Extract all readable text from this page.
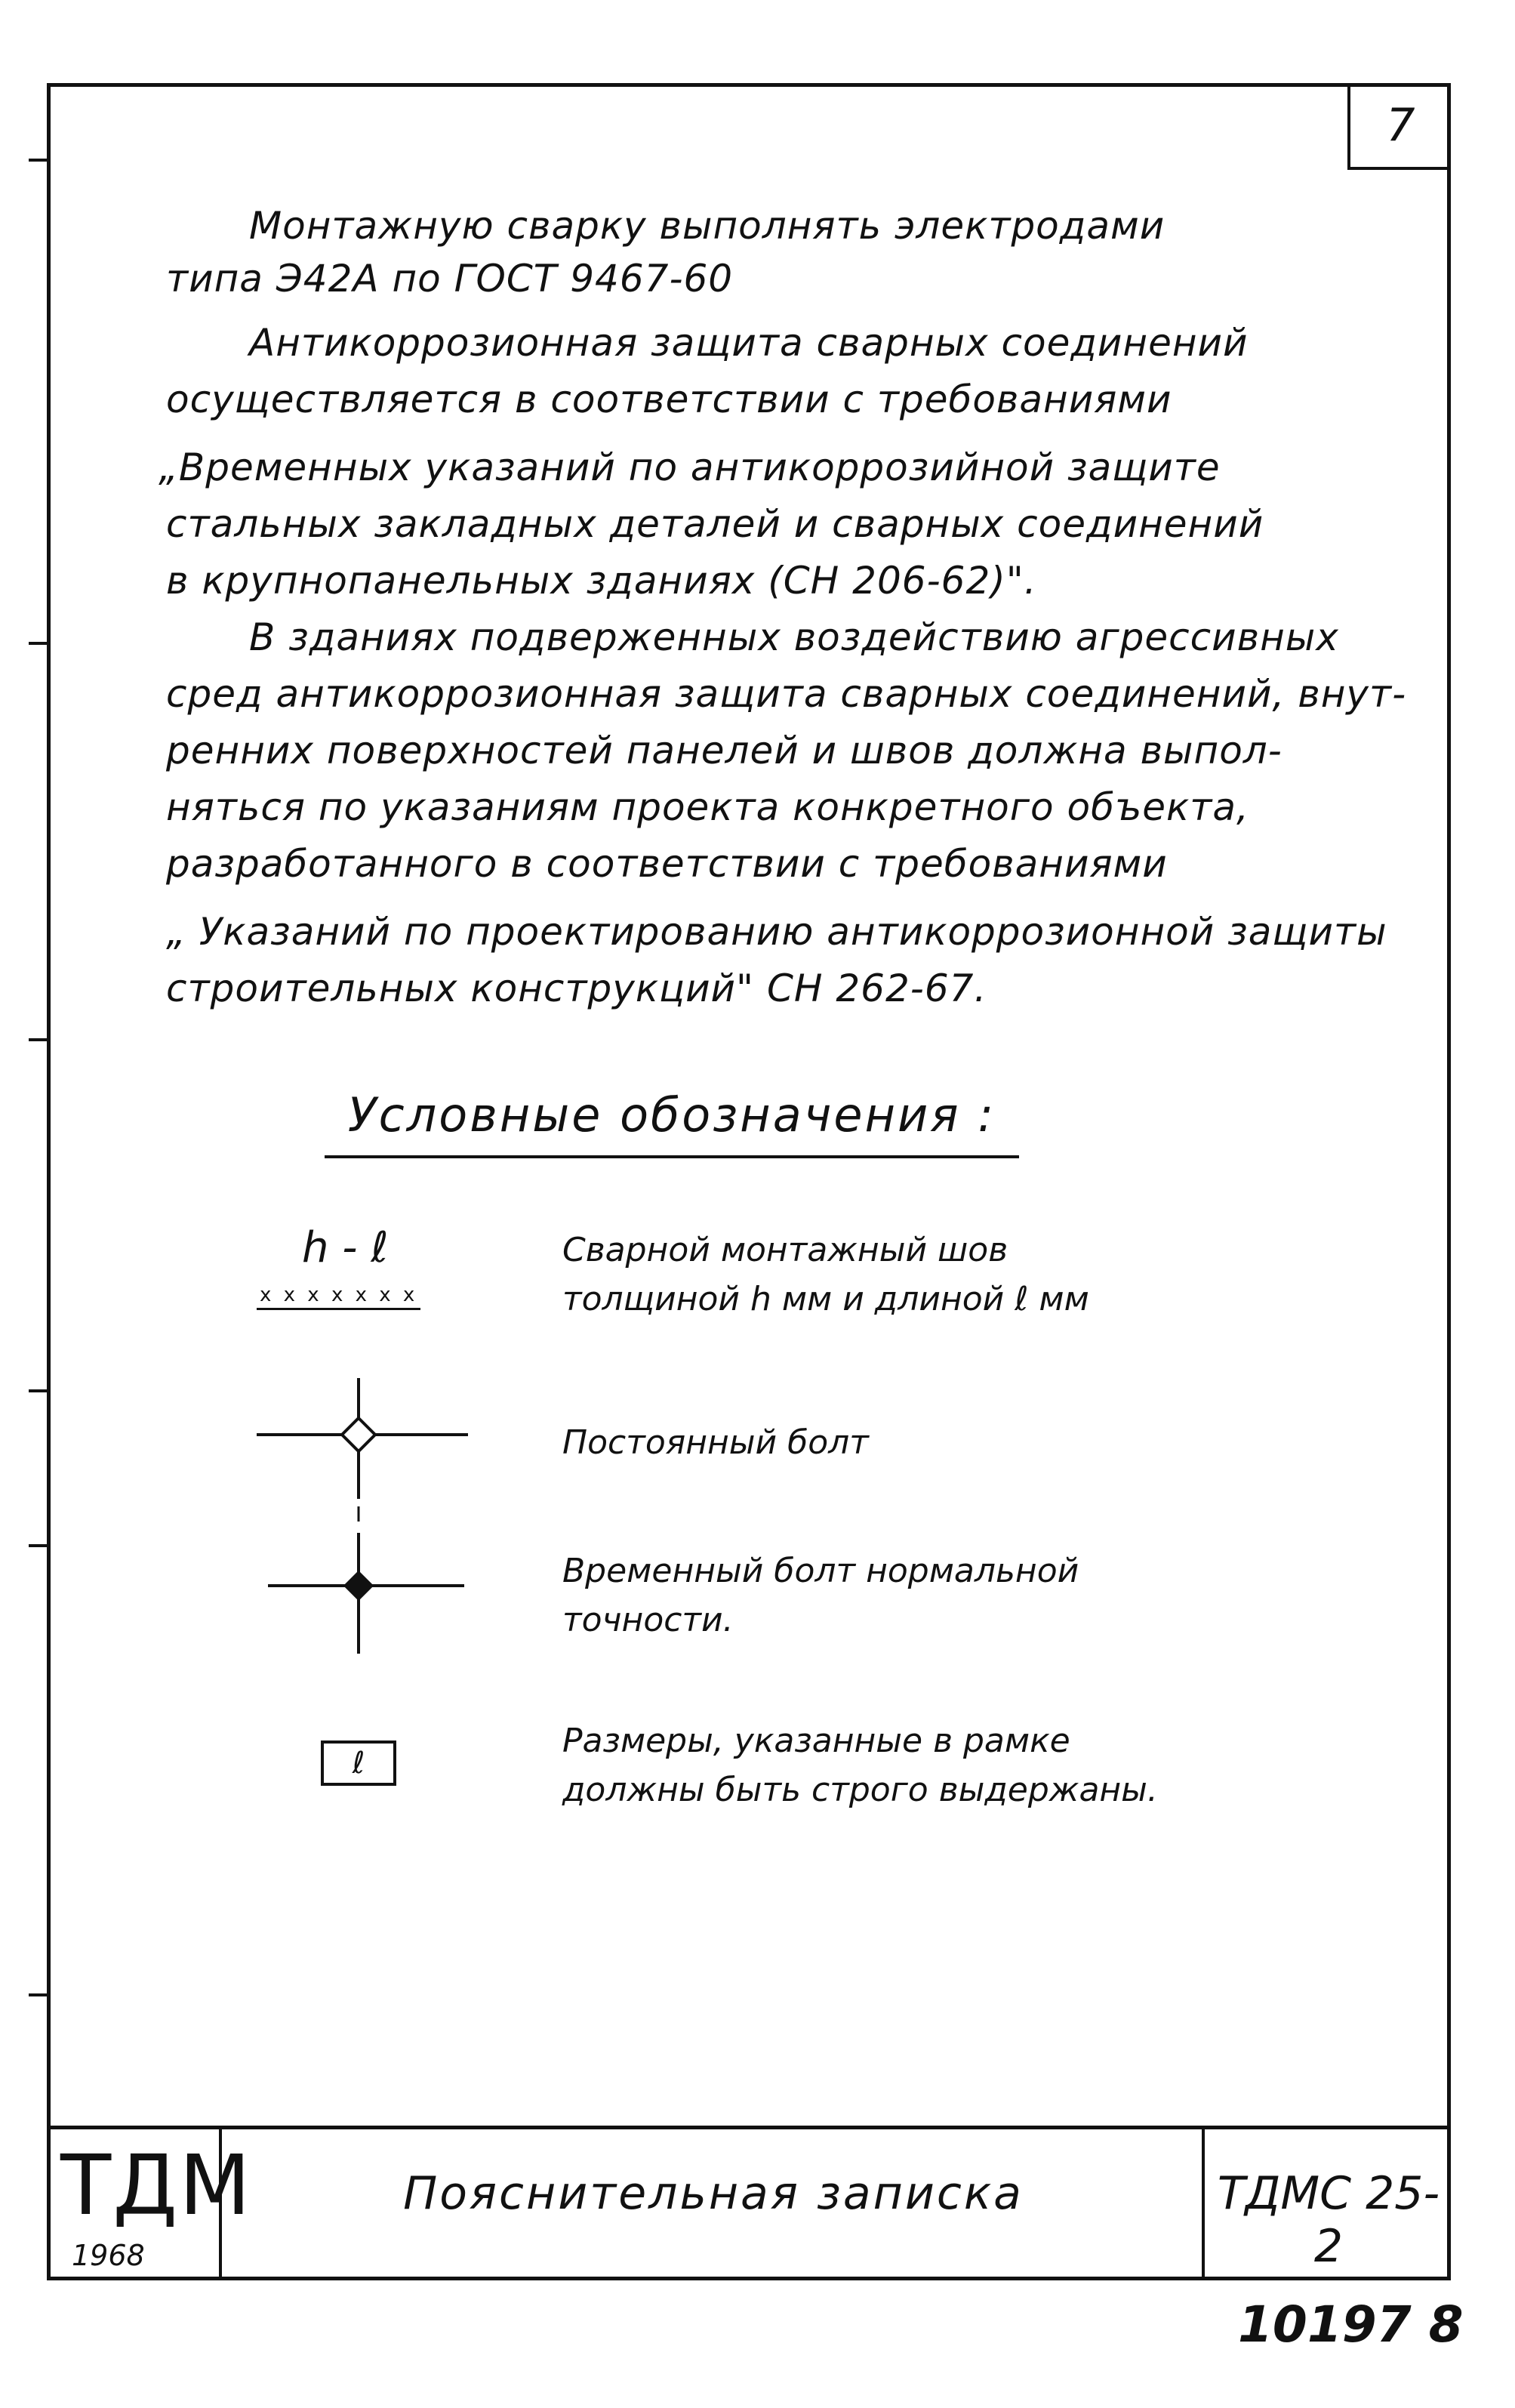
7
Монтажную сварку выполнять электродами
типа Э42А по ГОСТ 9467-60
Антикоррозионная защита сварных соединений
осуществляется в соответствии с требованиями
„Временных указаний по антикоррозийной защите
стальных закладных деталей и сварных соединений
в крупнопанельных зданиях (СН 206-62)".
В зданиях подверженных воздействию агрессивных
сред антикоррозионная защита сварных соединений, внут-
ренних поверхностей панелей и швов должна выпол-
няться по указаниям проекта конкретного объекта,
разработанного в соответствии с требованиями
„ Указаний по проектированию антикоррозионной защиты
строительных конструкций" СН 262-67.
Условные обозначения :
h - ℓ
x x x x x x x
Сварной монтажный шов
толщиной h мм и длиной ℓ мм
Постоянный болт
Временный болт нормальной
точности.
ℓ
Размеры, указанные в рамке
должны быть строго выдержаны.
ТДМ
1968
Пояснительная записка	ТДМС 25-2
10197 8
